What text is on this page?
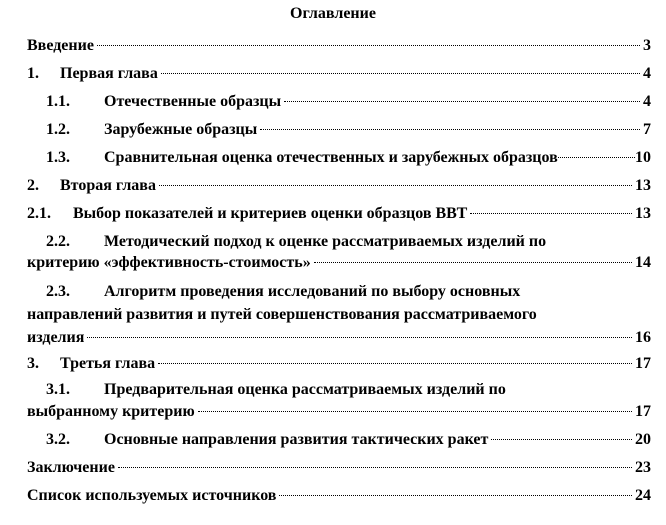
Оглавление
Введение	3
1.	Первая глава	4
1.1.	Отечественные образцы	4
1.2.	Зарубежные образцы	7
1.3.	Сравнительная оценка отечественных и зарубежных образцов	10
2.	Вторая глава	13
2.1.	Выбор показателей и критериев оценки образцов ВВТ	13
2.2.	Методический подход к оценке рассматриваемых изделий по
критерию «эффективность-стоимость»	14
2.3.	Алгоритм проведения исследований по выбору основных
направлений развития и путей совершенствования рассматриваемого
изделия	16
3.	Третья глава	17
3.1.	Предварительная оценка рассматриваемых изделий по
выбранному критерию	17
3.2.	Основные направления развития тактических ракет	20
Заключение	23
Список используемых источников	24
